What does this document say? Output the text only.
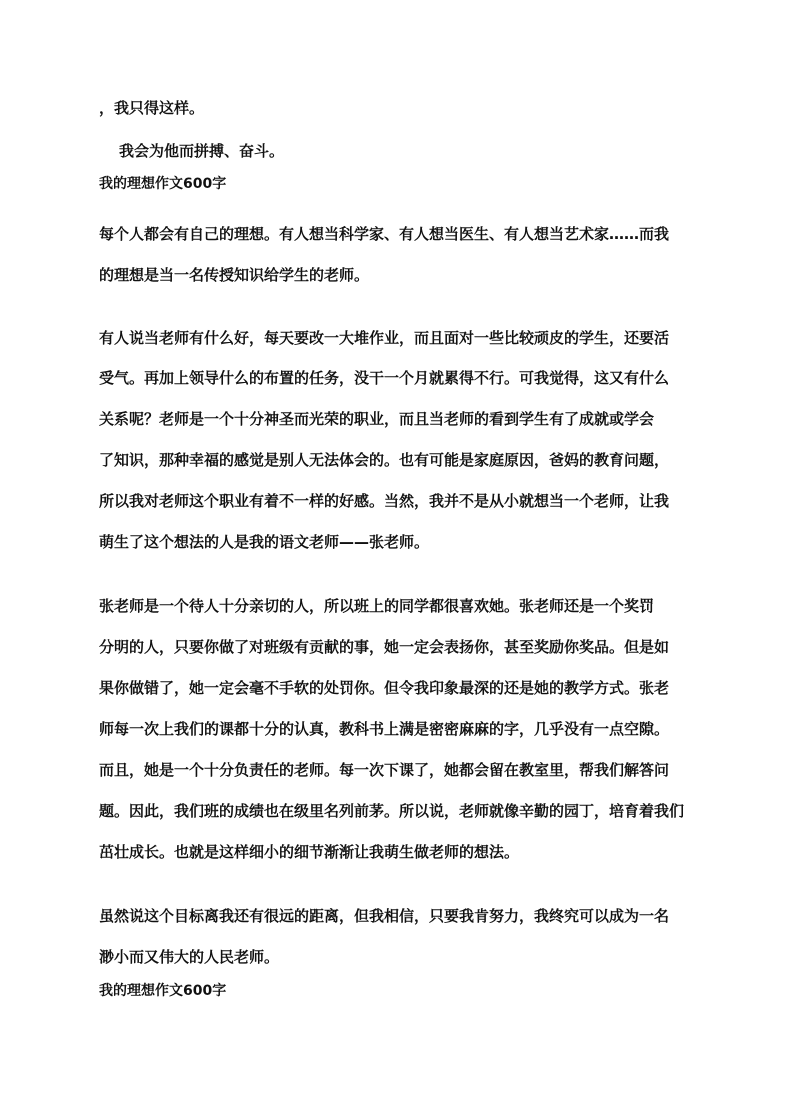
，我只得这样。
我会为他而拼搏、奋斗。
我的理想作文600字
每个人都会有自己的理想。有人想当科学家、有人想当医生、有人想当艺术家……而我
的理想是当一名传授知识给学生的老师。
有人说当老师有什么好，每天要改一大堆作业，而且面对一些比较顽皮的学生，还要活
受气。再加上领导什么的布置的任务，没干一个月就累得不行。可我觉得，这又有什么
关系呢？老师是一个十分神圣而光荣的职业，而且当老师的看到学生有了成就或学会
了知识，那种幸福的感觉是别人无法体会的。也有可能是家庭原因，爸妈的教育问题，
所以我对老师这个职业有着不一样的好感。当然，我并不是从小就想当一个老师，让我
萌生了这个想法的人是我的语文老师——张老师。
张老师是一个待人十分亲切的人，所以班上的同学都很喜欢她。张老师还是一个奖罚
分明的人，只要你做了对班级有贡献的事，她一定会表扬你，甚至奖励你奖品。但是如
果你做错了，她一定会毫不手软的处罚你。但令我印象最深的还是她的教学方式。张老
师每一次上我们的课都十分的认真，教科书上满是密密麻麻的字，几乎没有一点空隙。
而且，她是一个十分负责任的老师。每一次下课了，她都会留在教室里，帮我们解答问
题。因此，我们班的成绩也在级里名列前茅。所以说，老师就像辛勤的园丁，培育着我们
茁壮成长。也就是这样细小的细节渐渐让我萌生做老师的想法。
虽然说这个目标离我还有很远的距离，但我相信，只要我肯努力，我终究可以成为一名
渺小而又伟大的人民老师。
我的理想作文600字
